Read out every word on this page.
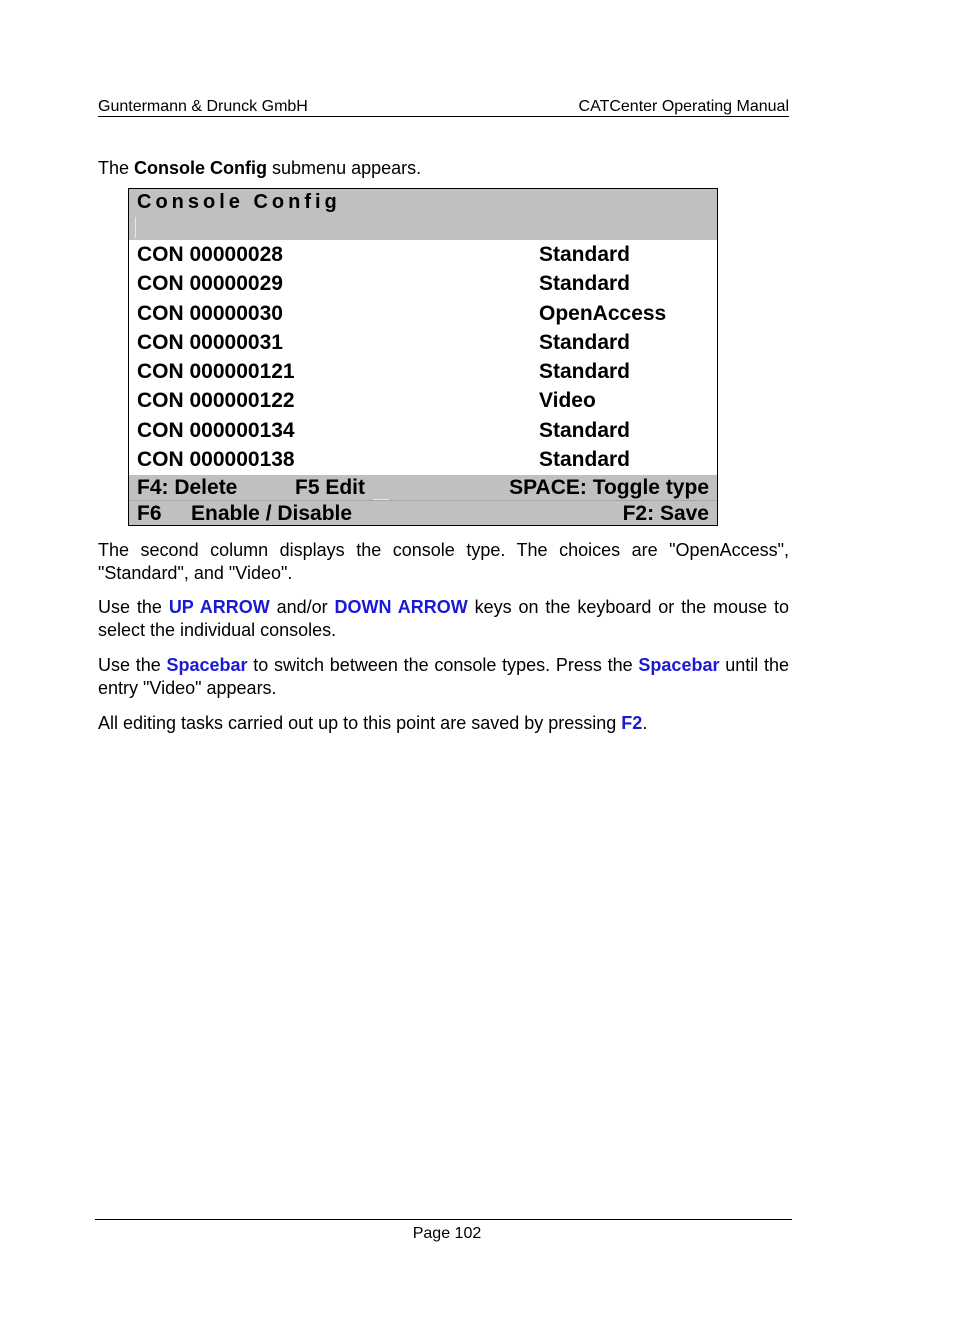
Guntermann & Drunck GmbH	CATCenter Operating Manual
The Console Config submenu appears.
Console Config
CON 00000028	Standard
CON 00000029	Standard
CON 00000030	OpenAccess
CON 00000031	Standard
CON 000000121	Standard
CON 000000122	Video
CON 000000134	Standard
CON 000000138	Standard
F4: Delete	F5 Edit	SPACE: Toggle type
F6 Enable / Disable	F2: Save
The second column displays the console type. The choices are "OpenAccess", "Standard", and "Video".
Use the UP ARROW and/or DOWN ARROW keys on the keyboard or the mouse to select the individual consoles.
Use the Spacebar to switch between the console types. Press the Spacebar until the entry "Video" appears.
All editing tasks carried out up to this point are saved by pressing F2.
Page 102
